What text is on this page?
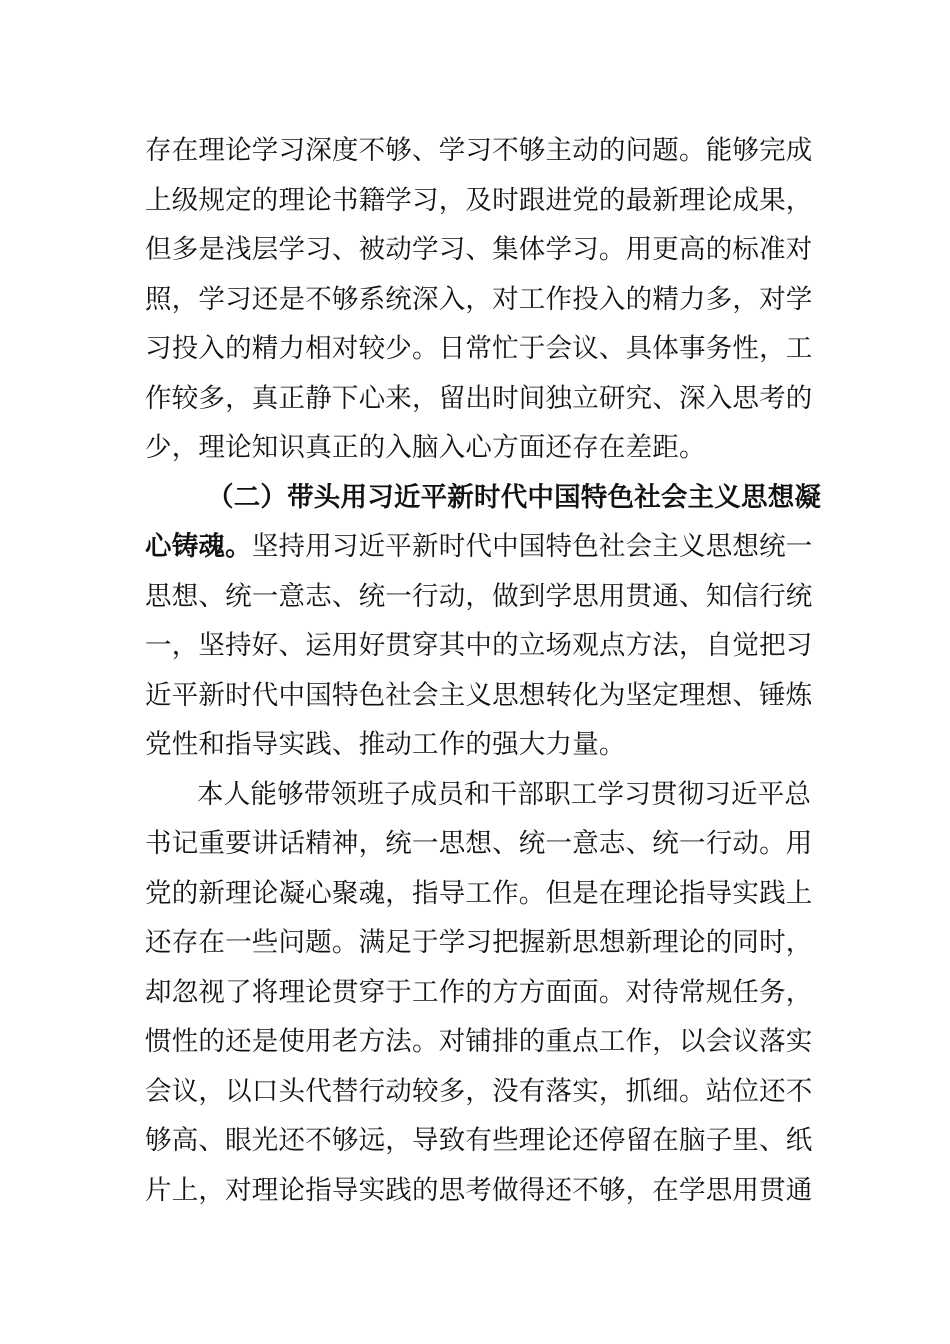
存在理论学习深度不够、学习不够主动的问题。能够完成
上级规定的理论书籍学习，及时跟进党的最新理论成果，
但多是浅层学习、被动学习、集体学习。用更高的标准对
照，学习还是不够系统深入，对工作投入的精力多，对学
习投入的精力相对较少。日常忙于会议、具体事务性，工
作较多，真正静下心来，留出时间独立研究、深入思考的
少，理论知识真正的入脑入心方面还存在差距。
（二）带头用习近平新时代中国特色社会主义思想凝
心铸魂。坚持用习近平新时代中国特色社会主义思想统一
思想、统一意志、统一行动，做到学思用贯通、知信行统
一，坚持好、运用好贯穿其中的立场观点方法，自觉把习
近平新时代中国特色社会主义思想转化为坚定理想、锤炼
党性和指导实践、推动工作的强大力量。
本人能够带领班子成员和干部职工学习贯彻习近平总
书记重要讲话精神，统一思想、统一意志、统一行动。用
党的新理论凝心聚魂，指导工作。但是在理论指导实践上
还存在一些问题。满足于学习把握新思想新理论的同时，
却忽视了将理论贯穿于工作的方方面面。对待常规任务，
惯性的还是使用老方法。对铺排的重点工作，以会议落实
会议，以口头代替行动较多，没有落实，抓细。站位还不
够高、眼光还不够远，导致有些理论还停留在脑子里、纸
片上，对理论指导实践的思考做得还不够，在学思用贯通
